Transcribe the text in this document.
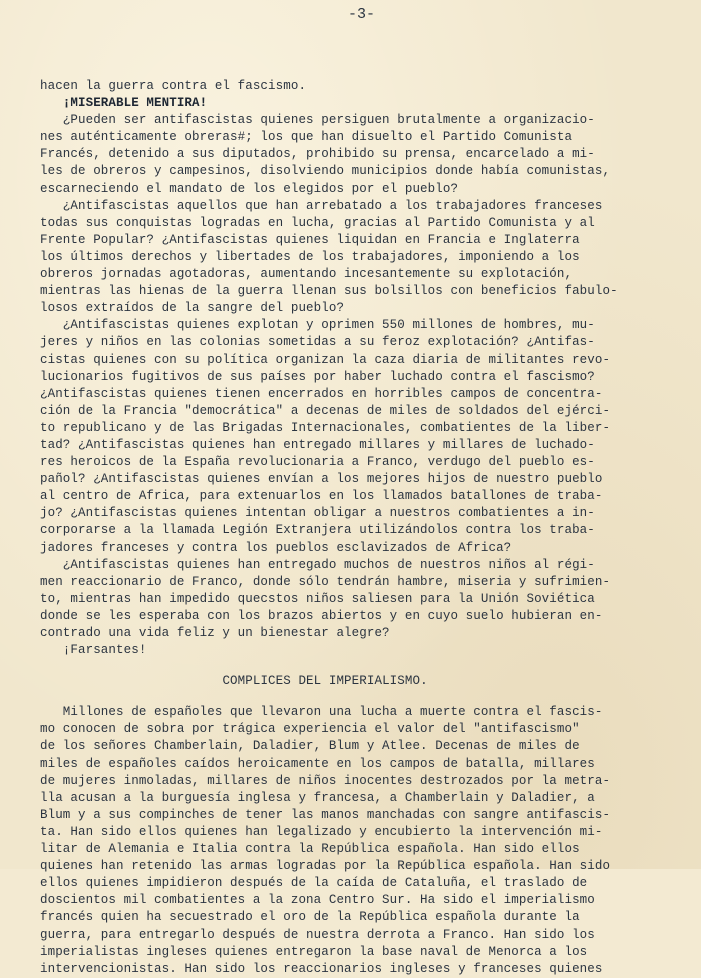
-3-

hacen la guerra contra el fascismo.
¡MISERABLE MENTIRA!
¿Pueden ser antifascistas quienes persiguen brutalmente a organizacio-
nes auténticamente obreras#; los que han disuelto el Partido Comunista
Francés, detenido a sus diputados, prohibido su prensa, encarcelado a mi-
les de obreros y campesinos, disolviendo municipios donde había comunistas,
escarneciendo el mandato de los elegidos por el pueblo?
¿Antifascistas aquellos que han arrebatado a los trabajadores franceses
todas sus conquistas logradas en lucha, gracias al Partido Comunista y al
Frente Popular? ¿Antifascistas quienes liquidan en Francia e Inglaterra
los últimos derechos y libertades de los trabajadores, imponiendo a los
obreros jornadas agotadoras, aumentando incesantemente su explotación,
mientras las hienas de la guerra llenan sus bolsillos con beneficios fabulo-
losos extraídos de la sangre del pueblo?
¿Antifascistas quienes explotan y oprimen 550 millones de hombres, mu-
jeres y niños en las colonias sometidas a su feroz explotación? ¿Antifas-
cistas quienes con su política organizan la caza diaria de militantes revo-
lucionarios fugitivos de sus países por haber luchado contra el fascismo?
¿Antifascistas quienes tienen encerrados en horribles campos de concentra-
ción de la Francia "democrática" a decenas de miles de soldados del ejérci-
to republicano y de las Brigadas Internacionales, combatientes de la liber-
tad? ¿Antifascistas quienes han entregado millares y millares de luchado-
res heroicos de la España revolucionaria a Franco, verdugo del pueblo es-
pañol? ¿Antifascistas quienes envían a los mejores hijos de nuestro pueblo
al centro de Africa, para extenuarlos en los llamados batallones de traba-
jo? ¿Antifascistas quienes intentan obligar a nuestros combatientes a in-
corporarse a la llamada Legión Extranjera utilizándolos contra los traba-
jadores franceses y contra los pueblos esclavizados de Africa?
¿Antifascistas quienes han entregado muchos de nuestros niños al régi-
men reaccionario de Franco, donde sólo tendrán hambre, miseria y sufrimien-
to, mientras han impedido quecstos niños saliesen para la Unión Soviética
donde se les esperaba con los brazos abiertos y en cuyo suelo hubieran en-
contrado una vida feliz y un bienestar alegre?
¡Farsantes!
COMPLICES DEL IMPERIALISMO.
Millones de españoles que llevaron una lucha a muerte contra el fascis-
mo conocen de sobra por trágica experiencia el valor del "antifascismo"
de los señores Chamberlain, Daladier, Blum y Atlee. Decenas de miles de
miles de españoles caídos heroicamente en los campos de batalla, millares
de mujeres inmoladas, millares de niños inocentes destrozados por la metra-
lla acusan a la burguesía inglesa y francesa, a Chamberlain y Daladier, a
Blum y a sus compinches de tener las manos manchadas con sangre antifascis-
ta. Han sido ellos quienes han legalizado y encubierto la intervención mi-
litar de Alemania e Italia contra la República española. Han sido ellos
quienes han retenido las armas logradas por la República española. Han sido
ellos quienes impidieron después de la caída de Cataluña, el traslado de
doscientos mil combatientes a la zona Centro Sur. Ha sido el imperialismo
francés quien ha secuestrado el oro de la República española durante la
guerra, para entregarlo después de nuestra derrota a Franco. Han sido los
imperialistas ingleses quienes entregaron la base naval de Menorca a los
intervencionistas. Han sido los reaccionarios ingleses y franceses quienes
